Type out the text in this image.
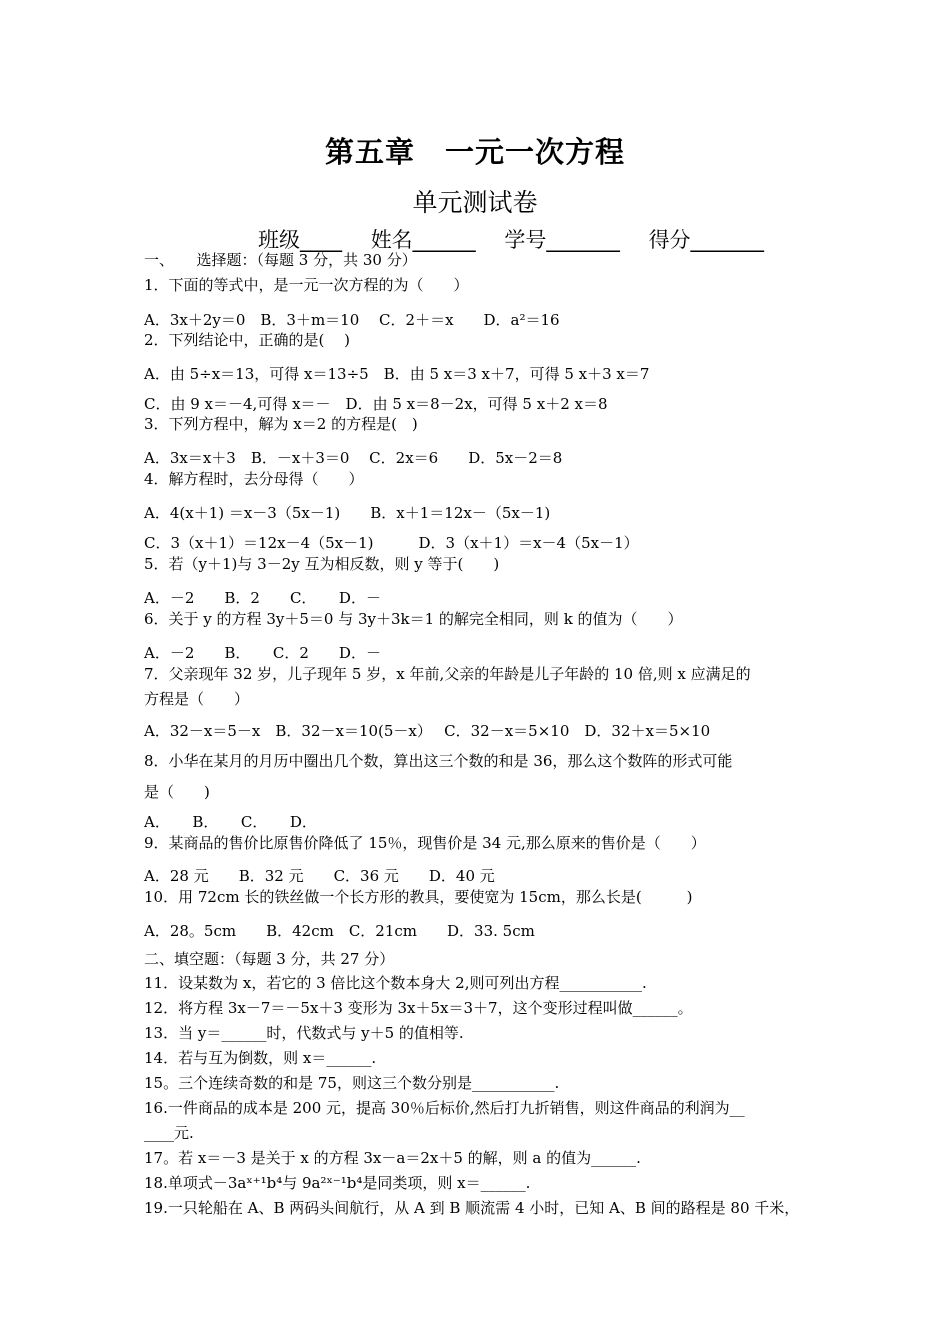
第五章　一元一次方程
单元测试卷
班级____ 姓名______ 学号_______ 得分_______
一、　　选择题：（每题 3 分，共 30 分）
1．下面的等式中，是一元一次方程的为（　　）
A．3x＋2y＝0　B．3＋m＝10　 C．2＋＝x　　D．a²＝16
2．下列结论中，正确的是(　 )
A．由 5÷x＝13，可得 x＝13÷5　B．由 5 x＝3 x＋7，可得 5 x＋3 x＝7
C．由 9 x＝－4,可得 x＝－　D．由 5 x＝8－2x，可得 5 x＋2 x＝8
3．下列方程中，解为 x＝2 的方程是(　)
A．3x＝x＋3　B．－x＋3＝0　 C．2x＝6　　D．5x－2＝8
4．解方程时，去分母得（　　）
A．4(x＋1) ＝x－3（5x－1)　　B．x＋1＝12x－（5x－1)
C．3（x＋1）＝12x－4（5x－1)　　　D．3（x＋1）＝x－4（5x－1）
5．若（y＋1)与 3－2y 互为相反数，则 y 等于(　　)
A．－2　　B．2　　C．　　D．－
6．关于 y 的方程 3y＋5＝0 与 3y＋3k＝1 的解完全相同，则 k 的值为（　　）
A．－2　　B．　　C．2　　D．－
7．父亲现年 32 岁，儿子现年 5 岁，x 年前,父亲的年龄是儿子年龄的 10 倍,则 x 应满足的
方程是（　　）
A．32－x＝5－x　B．32－x＝10(5－x）　 C．32－x＝5×10　D．32＋x＝5×10
8．小华在某月的月历中圈出几个数，算出这三个数的和是 36，那么这个数阵的形式可能
是（　　)
A．　　B．　　C．　　D．
9．某商品的售价比原售价降低了 15％，现售价是 34 元,那么原来的售价是（　　）
A．28 元　　B．32 元　　C．36 元　　D．40 元
10．用 72cm 长的铁丝做一个长方形的教具，要使宽为 15cm，那么长是(　　　)
A．28。5cm　　B．42cm　C．21cm　　D．33. 5cm
二、填空题：（每题 3 分，共 27 分）
11．设某数为 x，若它的 3 倍比这个数本身大 2,则可列出方程___________.
12．将方程 3x－7＝－5x＋3 变形为 3x＋5x＝3＋7，这个变形过程叫做______。
13．当 y＝______时，代数式与 y＋5 的值相等.
14．若与互为倒数，则 x＝______.
15。三个连续奇数的和是 75，则这三个数分别是___________.
16.一件商品的成本是 200 元，提高 30％后标价,然后打九折销售，则这件商品的利润为__
____元.
17。若 x＝－3 是关于 x 的方程 3x－a＝2x＋5 的解，则 a 的值为______.
18.单项式－3aˣ⁺¹b⁴与 9a²ˣ⁻¹b⁴是同类项，则 x＝______.
19.一只轮船在 A、B 两码头间航行，从 A 到 B 顺流需 4 小时，已知 A、B 间的路程是 80 千米，
